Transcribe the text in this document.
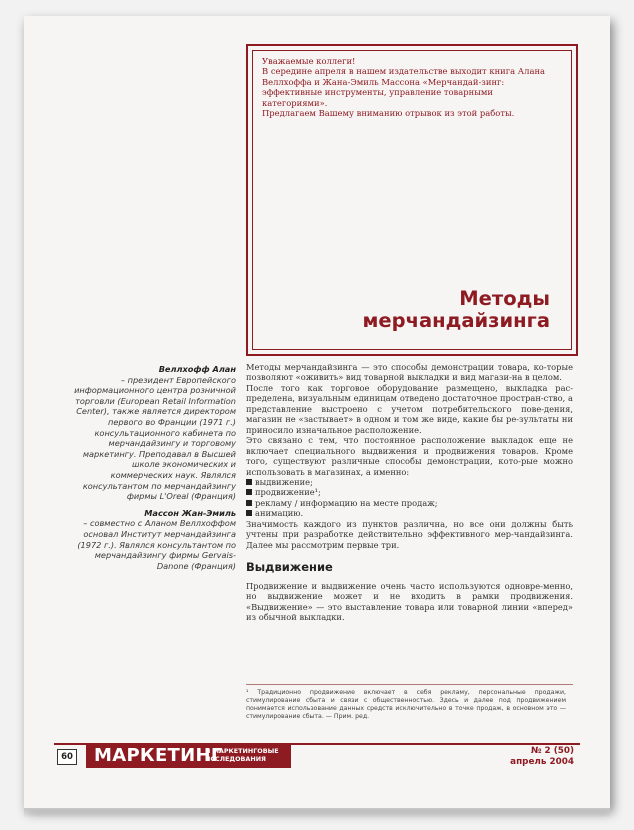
Уважаемые коллеги!

В середине апреля в нашем издательстве выходит книга Алана Веллхоффа и Жана-Эмиль Массона «Мерчандай-зинг: эффективные инструменты, управление товарными категориями».

Предлагаем Вашему вниманию отрывок из этой работы.

Методы
мерчандайзинга
Веллхофф Алан
– президент Европейского информационного центра розничной торговли (European Retail Information Center), также является директором первого во Франции (1971 г.) консультационного кабинета по мерчандайзингу и торговому маркетингу. Преподавал в Высшей школе экономических и коммерческих наук. Являлся консультантом по мерчандайзингу фирмы L'Oreal (Франция)
Массон Жан-Эмиль
– совместно с Аланом Веллхоффом основал Институт мерчандайзинга (1972 г.). Являлся консультантом по мерчандайзингу фирмы Gervais-Danone (Франция)

Методы мерчандайзинга — это способы демонстрации товара, ко-торые позволяют «оживить» вид товарной выкладки и вид магази-на в целом.

После того как торговое оборудование размещено, выкладка рас-пределена, визуальным единицам отведено достаточное простран-ство, а представление выстроено с учетом потребительского пове-дения, магазин не «застывает» в одном и том же виде, какие бы ре-зультаты ни приносило изначальное расположение.

Это связано с тем, что постоянное расположение выкладок еще не включает специального выдвижения и продвижения товаров. Кроме того, существуют различные способы демонстрации, кото-рые можно использовать в магазинах, а именно:

выдвижение;

продвижение¹;

рекламу / информацию на месте продаж;

анимацию.

Значимость каждого из пунктов различна, но все они должны быть учтены при разработке действительно эффективного мер-чандайзинга. Далее мы рассмотрим первые три.

Выдвижение

Продвижение и выдвижение очень часто используются одновре-менно, но выдвижение может и не входить в рамки продвижения. «Выдвижение» — это выставление товара или товарной линии «вперед» из обычной выкладки.

¹ Традиционно продвижение включает в себя рекламу, персональные продажи, стимулирование сбыта и связи с общественностью. Здесь и далее под продвижением понимается использование данных средств исключительно в точке продаж, в основном это — стимулирование сбыта. — Прим. ред.
60 МАРКЕТИНГ
И МАРКЕТИНГОВЫЕ
ИССЛЕДОВАНИЯ
№ 2 (50)
апрель 2004
